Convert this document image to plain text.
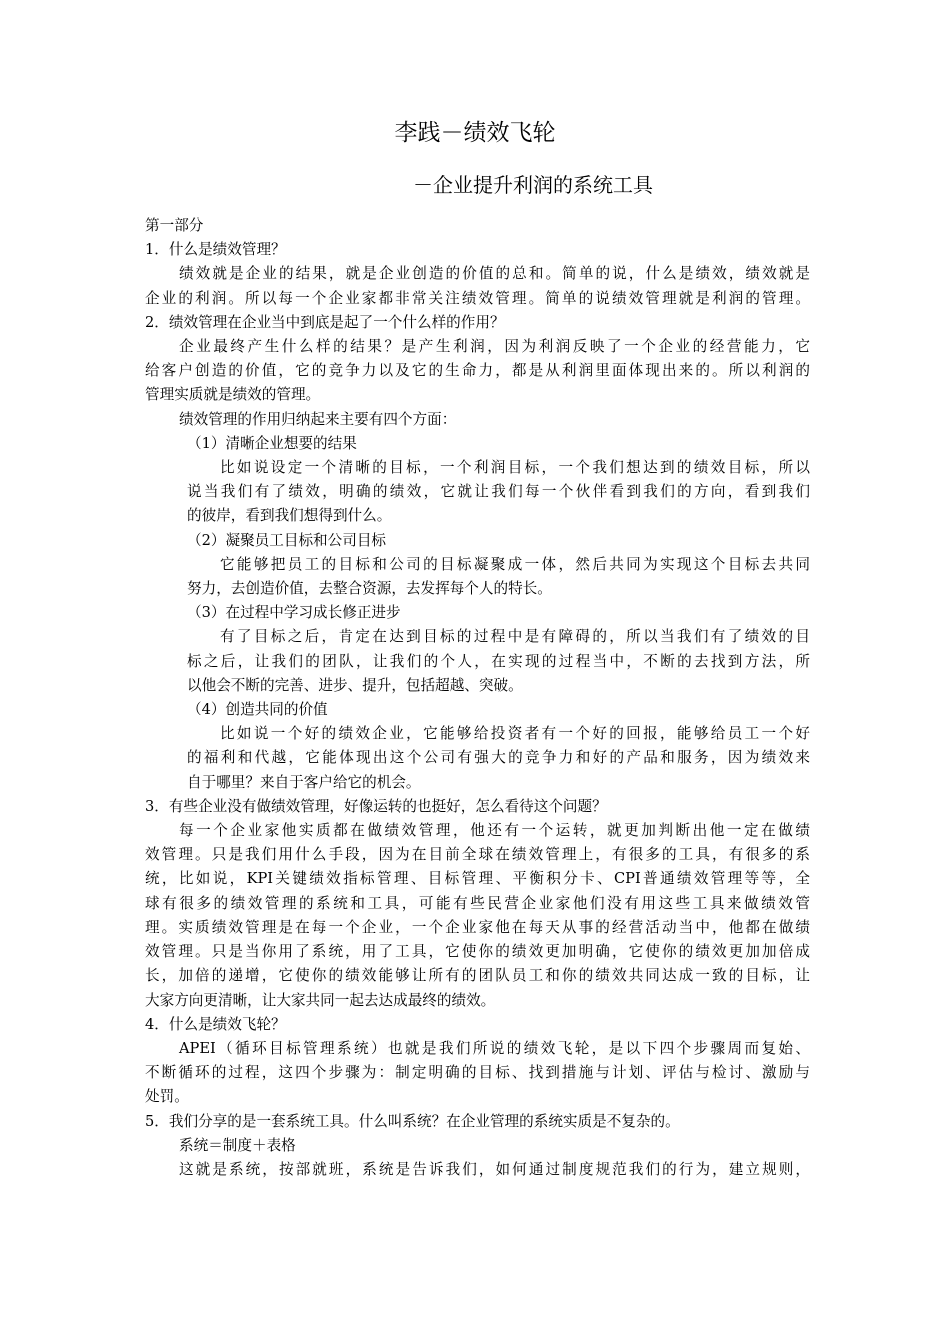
李践－绩效飞轮
－企业提升利润的系统工具
第一部分
1．什么是绩效管理？
绩效就是企业的结果，就是企业创造的价值的总和。简单的说，什么是绩效，绩效就是
企业的利润。所以每一个企业家都非常关注绩效管理。简单的说绩效管理就是利润的管理。
2．绩效管理在企业当中到底是起了一个什么样的作用？
企业最终产生什么样的结果？是产生利润，因为利润反映了一个企业的经营能力，它
给客户创造的价值，它的竞争力以及它的生命力，都是从利润里面体现出来的。所以利润的
管理实质就是绩效的管理。
绩效管理的作用归纳起来主要有四个方面：
（1）清晰企业想要的结果
比如说设定一个清晰的目标，一个利润目标，一个我们想达到的绩效目标，所以
说当我们有了绩效，明确的绩效，它就让我们每一个伙伴看到我们的方向，看到我们
的彼岸，看到我们想得到什么。
（2）凝聚员工目标和公司目标
它能够把员工的目标和公司的目标凝聚成一体，然后共同为实现这个目标去共同
努力，去创造价值，去整合资源，去发挥每个人的特长。
（3）在过程中学习成长修正进步
有了目标之后，肯定在达到目标的过程中是有障碍的，所以当我们有了绩效的目
标之后，让我们的团队，让我们的个人，在实现的过程当中，不断的去找到方法，所
以他会不断的完善、进步、提升，包括超越、突破。
（4）创造共同的价值
比如说一个好的绩效企业，它能够给投资者有一个好的回报，能够给员工一个好
的福利和代越，它能体现出这个公司有强大的竞争力和好的产品和服务，因为绩效来
自于哪里？来自于客户给它的机会。
3．有些企业没有做绩效管理，好像运转的也挺好，怎么看待这个问题？
每一个企业家他实质都在做绩效管理，他还有一个运转，就更加判断出他一定在做绩
效管理。只是我们用什么手段，因为在目前全球在绩效管理上，有很多的工具，有很多的系
统，比如说，KPI关键绩效指标管理、目标管理、平衡积分卡、CPI普通绩效管理等等，全
球有很多的绩效管理的系统和工具，可能有些民营企业家他们没有用这些工具来做绩效管
理。实质绩效管理是在每一个企业，一个企业家他在每天从事的经营活动当中，他都在做绩
效管理。只是当你用了系统，用了工具，它使你的绩效更加明确，它使你的绩效更加加倍成
长，加倍的递增，它使你的绩效能够让所有的团队员工和你的绩效共同达成一致的目标，让
大家方向更清晰，让大家共同一起去达成最终的绩效。
4．什么是绩效飞轮？
APEI（循环目标管理系统）也就是我们所说的绩效飞轮，是以下四个步骤周而复始、
不断循环的过程，这四个步骤为：制定明确的目标、找到措施与计划、评估与检讨、激励与
处罚。
5．我们分享的是一套系统工具。什么叫系统？在企业管理的系统实质是不复杂的。
系统＝制度＋表格
这就是系统，按部就班，系统是告诉我们，如何通过制度规范我们的行为，建立规则，
